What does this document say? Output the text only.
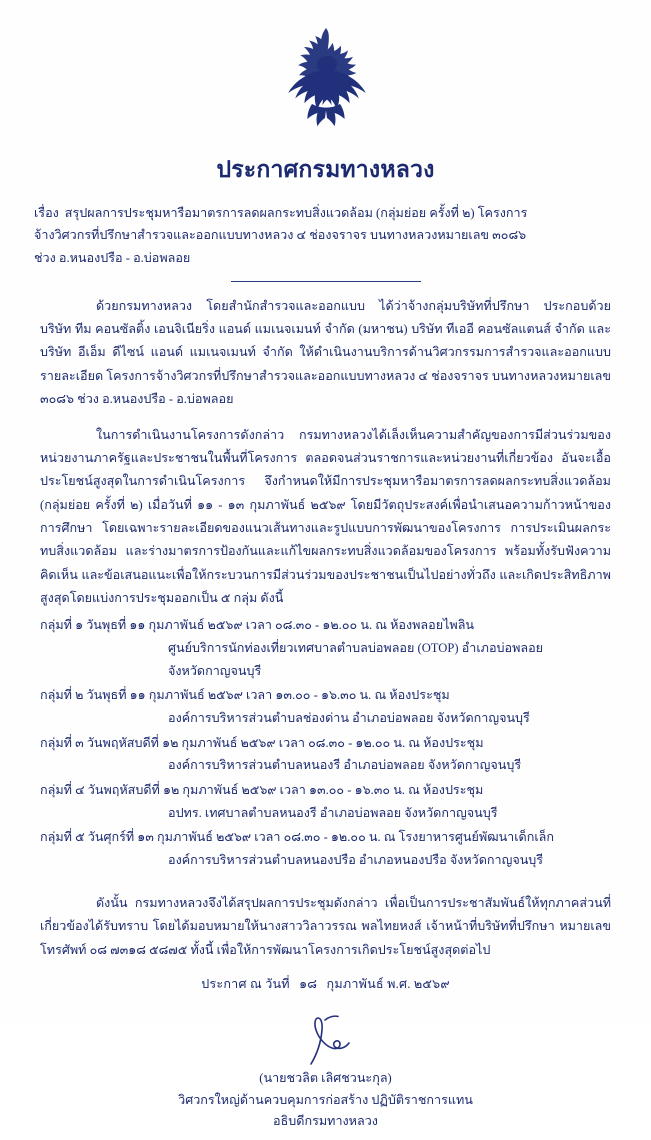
ประกาศกรมทางหลวง
เรื่อง สรุปผลการประชุมหารือมาตรการลดผลกระทบสิ่งแวดล้อม (กลุ่มย่อย ครั้งที่ ๒) โครงการ
จ้างวิศวกรที่ปรึกษาสำรวจและออกแบบทางหลวง ๔ ช่องจราจร บนทางหลวงหมายเลข ๓๐๘๖
ช่วง อ.หนองปรือ - อ.บ่อพลอย

ด้วยกรมทางหลวง โดยสำนักสำรวจและออกแบบ ได้ว่าจ้างกลุ่มบริษัทที่ปรึกษา ประกอบด้วย บริษัท ทีม คอนซัลติ้ง เอนจิเนียริ่ง แอนด์ แมเนจเมนท์ จำกัด (มหาชน) บริษัท ทีเออี คอนซัลแตนส์ จำกัด และบริษัท อีเอ็ม ดีไซน์ แอนด์ แมเนจเมนท์ จำกัด ให้ดำเนินงานบริการด้านวิศวกรรมการสำรวจและออกแบบรายละเอียด โครงการจ้างวิศวกรที่ปรึกษาสำรวจและออกแบบทางหลวง ๔ ช่องจราจร บนทางหลวงหมายเลข ๓๐๘๖ ช่วง อ.หนองปรือ - อ.บ่อพลอย

ในการดำเนินงานโครงการดังกล่าว กรมทางหลวงได้เล็งเห็นความสำคัญของการมีส่วนร่วมของหน่วยงานภาครัฐและประชาชนในพื้นที่โครงการ ตลอดจนส่วนราชการและหน่วยงานที่เกี่ยวข้อง อันจะเอื้อประโยชน์สูงสุดในการดำเนินโครงการ จึงกำหนดให้มีการประชุมหารือมาตรการลดผลกระทบสิ่งแวดล้อม (กลุ่มย่อย ครั้งที่ ๒) เมื่อวันที่ ๑๑ - ๑๓ กุมภาพันธ์ ๒๕๖๙ โดยมีวัตถุประสงค์เพื่อนำเสนอความก้าวหน้าของการศึกษา โดยเฉพาะรายละเอียดของแนวเส้นทางและรูปแบบการพัฒนาของโครงการ การประเมินผลกระทบสิ่งแวดล้อม และร่างมาตรการป้องกันและแก้ไขผลกระทบสิ่งแวดล้อมของโครงการ พร้อมทั้งรับฟังความคิดเห็น และข้อเสนอแนะเพื่อให้กระบวนการมีส่วนร่วมของประชาชนเป็นไปอย่างทั่วถึง และเกิดประสิทธิภาพสูงสุดโดยแบ่งการประชุมออกเป็น ๕ กลุ่ม ดังนี้

กลุ่มที่ ๑ วันพุธที่ ๑๑ กุมภาพันธ์ ๒๕๖๙ เวลา ๐๘.๓๐ - ๑๒.๐๐ น. ณ ห้องพลอยไพลิน
ศูนย์บริการนักท่องเที่ยวเทศบาลตำบลบ่อพลอย (OTOP) อำเภอบ่อพลอย
จังหวัดกาญจนบุรี
กลุ่มที่ ๒ วันพุธที่ ๑๑ กุมภาพันธ์ ๒๕๖๙ เวลา ๑๓.๐๐ - ๑๖.๓๐ น. ณ ห้องประชุม
องค์การบริหารส่วนตำบลช่องด่าน อำเภอบ่อพลอย จังหวัดกาญจนบุรี
กลุ่มที่ ๓ วันพฤหัสบดีที่ ๑๒ กุมภาพันธ์ ๒๕๖๙ เวลา ๐๘.๓๐ - ๑๒.๐๐ น. ณ ห้องประชุม
องค์การบริหารส่วนตำบลหนองรี อำเภอบ่อพลอย จังหวัดกาญจนบุรี
กลุ่มที่ ๔ วันพฤหัสบดีที่ ๑๒ กุมภาพันธ์ ๒๕๖๙ เวลา ๑๓.๐๐ - ๑๖.๓๐ น. ณ ห้องประชุม
อปทร. เทศบาลตำบลหนองรี อำเภอบ่อพลอย จังหวัดกาญจนบุรี
กลุ่มที่ ๕ วันศุกร์ที่ ๑๓ กุมภาพันธ์ ๒๕๖๙ เวลา ๐๘.๓๐ - ๑๒.๐๐ น. ณ โรงยาหารศูนย์พัฒนาเด็กเล็ก
องค์การบริหารส่วนตำบลหนองปรือ อำเภอหนองปรือ จังหวัดกาญจนบุรี

ดังนั้น กรมทางหลวงจึงได้สรุปผลการประชุมดังกล่าว เพื่อเป็นการประชาสัมพันธ์ให้ทุกภาคส่วนที่เกี่ยวข้องได้รับทราบ โดยได้มอบหมายให้นางสาววิลาวรรณ พลไทยหงส์ เจ้าหน้าที่บริษัทที่ปรึกษา หมายเลขโทรศัพท์ ๐๘ ๗๓๑๘ ๕๘๗๕ ทั้งนี้ เพื่อให้การพัฒนาโครงการเกิดประโยชน์สูงสุดต่อไป

ประกาศ ณ วันที่ ๑๘ กุมภาพันธ์ พ.ศ. ๒๕๖๙
(นายชวลิต เลิศชวนะกุล)
วิศวกรใหญ่ด้านควบคุมการก่อสร้าง ปฏิบัติราชการแทน
อธิบดีกรมทางหลวง
